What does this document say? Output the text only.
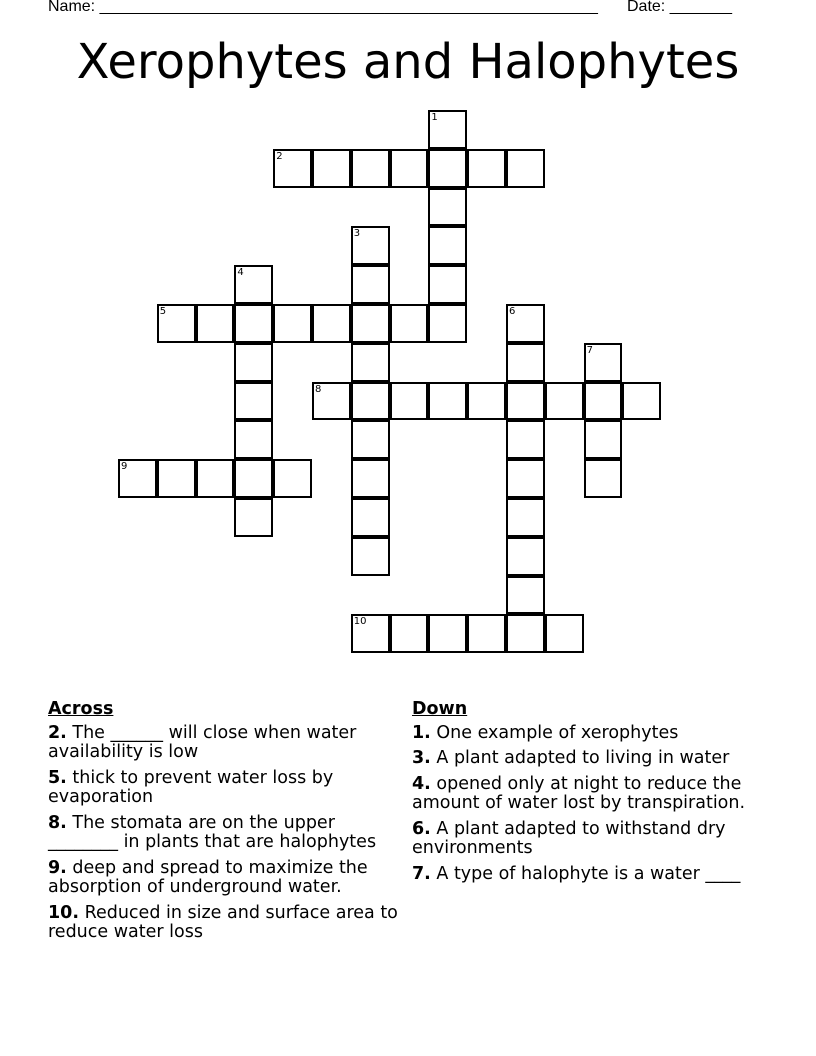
Name: ________________________________________________________ Date: _______
Xerophytes and Halophytes
1
2
3
4
5	6
7
8
9
10
Across
2. The ______ will close when water availability is low
5. thick to prevent water loss by evaporation
8. The stomata are on the upper ________ in plants that are halophytes
9. deep and spread to maximize the absorption of underground water.
10. Reduced in size and surface area to reduce water loss
Down
1. One example of xerophytes
3. A plant adapted to living in water
4. opened only at night to reduce the amount of water lost by transpiration.
6. A plant adapted to withstand dry environments
7. A type of halophyte is a water ____
